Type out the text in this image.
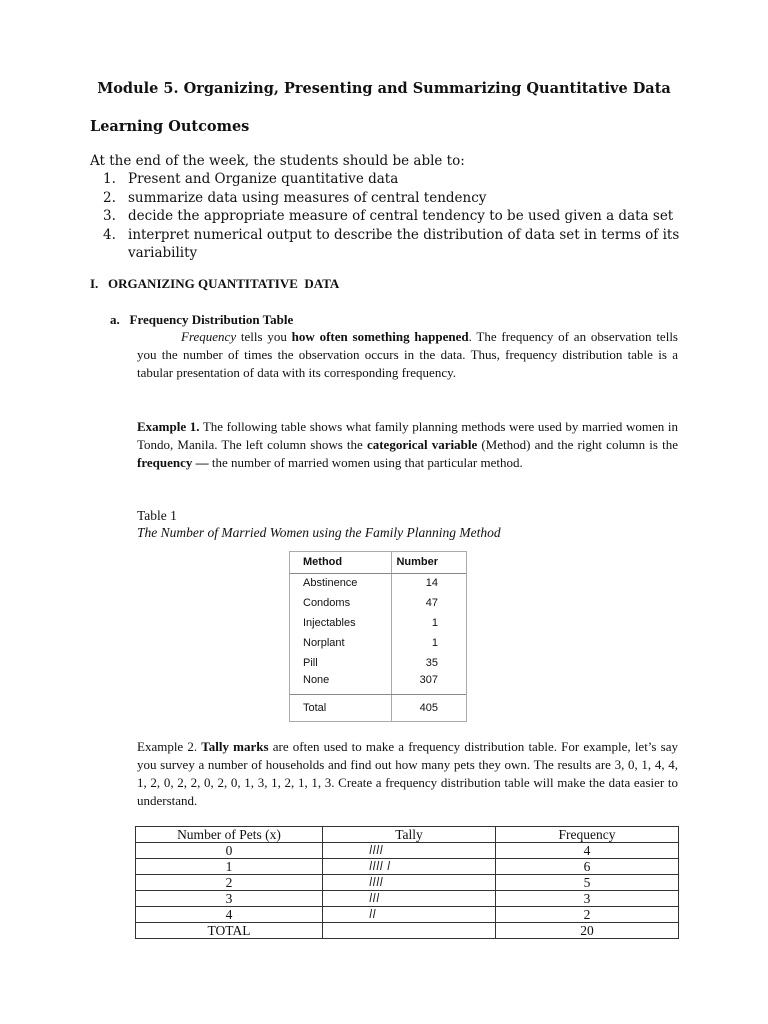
Module 5. Organizing, Presenting and Summarizing Quantitative Data
Learning Outcomes
At the end of the week, the students should be able to:
1. Present and Organize quantitative data
2. summarize data using measures of central tendency
3. decide the appropriate measure of central tendency to be used given a data set
4. interpret numerical output to describe the distribution of data set in terms of its variability
I.   ORGANIZING QUANTITATIVE  DATA
a.   Frequency Distribution Table
Frequency tells you how often something happened. The frequency of an observation tells you the number of times the observation occurs in the data. Thus, frequency distribution table is a tabular presentation of data with its corresponding frequency.
Example 1. The following table shows what family planning methods were used by married women in Tondo, Manila. The left column shows the categorical variable (Method) and the right column is the frequency — the number of married women using that particular method.
Table 1
The Number of Married Women using the Family Planning Method
Method	Number
Abstinence	14
Condoms	47
Injectables	1
Norplant	1
Pill	35
None	307
Total	405
Example 2. Tally marks are often used to make a frequency distribution table. For example, let’s say you survey a number of households and find out how many pets they own. The results are 3, 0, 1, 4, 4, 1, 2, 0, 2, 2, 0, 2, 0, 1, 3, 1, 2, 1, 1, 3. Create a frequency distribution table will make the data easier to understand.
Number of Pets (x)	Tally	Frequency
0	ǀǀǀǀ	4
1	ǀǀǀǀ ǀ	6
2	ǀǀǀǀ	5
3	ǀǀǀ	3
4	ǀǀ	2
TOTAL		20
